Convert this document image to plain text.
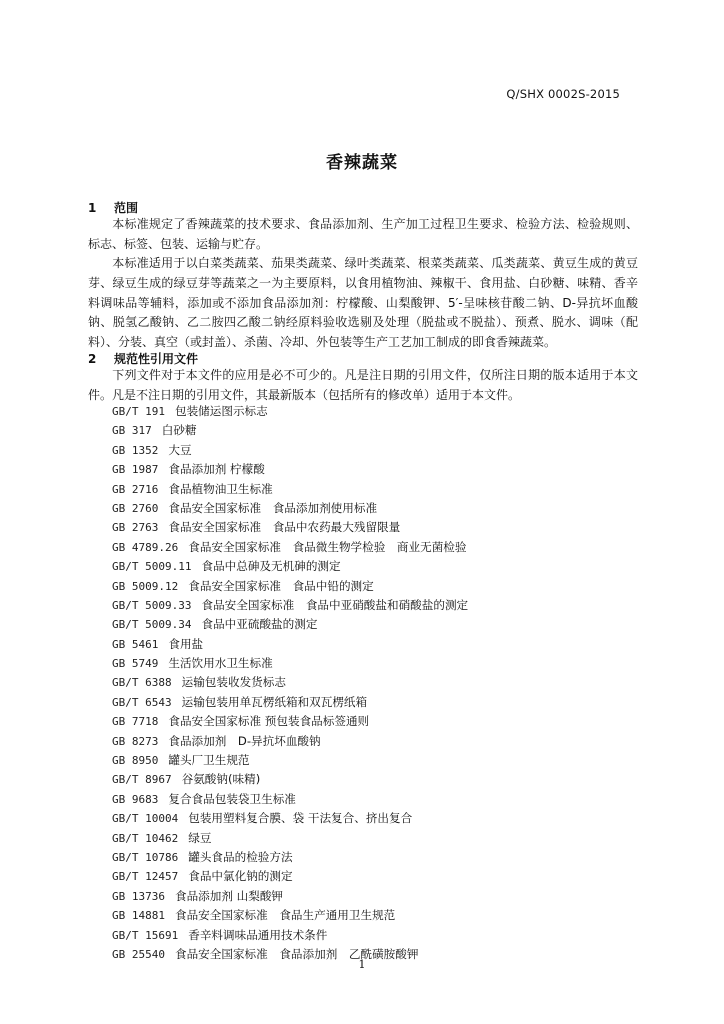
Q/SHX 0002S-2015
香辣蔬菜
1 范围

本标准规定了香辣蔬菜的技术要求、食品添加剂、生产加工过程卫生要求、检验方法、检验规则、标志、标签、包装、运输与贮存。

本标准适用于以白菜类蔬菜、茄果类蔬菜、绿叶类蔬菜、根菜类蔬菜、瓜类蔬菜、黄豆生成的黄豆芽、绿豆生成的绿豆芽等蔬菜之一为主要原料，以食用植物油、辣椒干、食用盐、白砂糖、味精、香辛料调味品等辅料，添加或不添加食品添加剂：柠檬酸、山梨酸钾、5′-呈味核苷酸二钠、D-异抗坏血酸钠、脱氢乙酸钠、乙二胺四乙酸二钠经原料验收选剔及处理（脱盐或不脱盐）、预煮、脱水、调味（配料）、分装、真空（或封盖）、杀菌、冷却、外包装等生产工艺加工制成的即食香辣蔬菜。

2 规范性引用文件

下列文件对于本文件的应用是必不可少的。凡是注日期的引用文件，仅所注日期的版本适用于本文件。凡是不注日期的引用文件，其最新版本（包括所有的修改单）适用于本文件。

GB/T 191 包装储运图示标志
GB 317 白砂糖
GB 1352 大豆
GB 1987 食品添加剂 柠檬酸
GB 2716 食品植物油卫生标准
GB 2760 食品安全国家标准　食品添加剂使用标准
GB 2763 食品安全国家标准　食品中农药最大残留限量
GB 4789.26 食品安全国家标准　食品微生物学检验　商业无菌检验
GB/T 5009.11 食品中总砷及无机砷的测定
GB 5009.12 食品安全国家标准　食品中铅的测定
GB/T 5009.33 食品安全国家标准　食品中亚硝酸盐和硝酸盐的测定
GB/T 5009.34 食品中亚硫酸盐的测定
GB 5461 食用盐
GB 5749 生活饮用水卫生标准
GB/T 6388 运输包装收发货标志
GB/T 6543 运输包装用单瓦楞纸箱和双瓦楞纸箱
GB 7718 食品安全国家标准 预包装食品标签通则
GB 8273 食品添加剂　D-异抗坏血酸钠
GB 8950 罐头厂卫生规范
GB/T 8967 谷氨酸钠(味精)
GB 9683 复合食品包装袋卫生标准
GB/T 10004 包装用塑料复合膜、袋 干法复合、挤出复合
GB/T 10462 绿豆
GB/T 10786 罐头食品的检验方法
GB/T 12457 食品中氯化钠的测定
GB 13736 食品添加剂 山梨酸钾
GB 14881 食品安全国家标准　食品生产通用卫生规范
GB/T 15691 香辛料调味品通用技术条件
GB 25540 食品安全国家标准　食品添加剂　乙酰磺胺酸钾
1
